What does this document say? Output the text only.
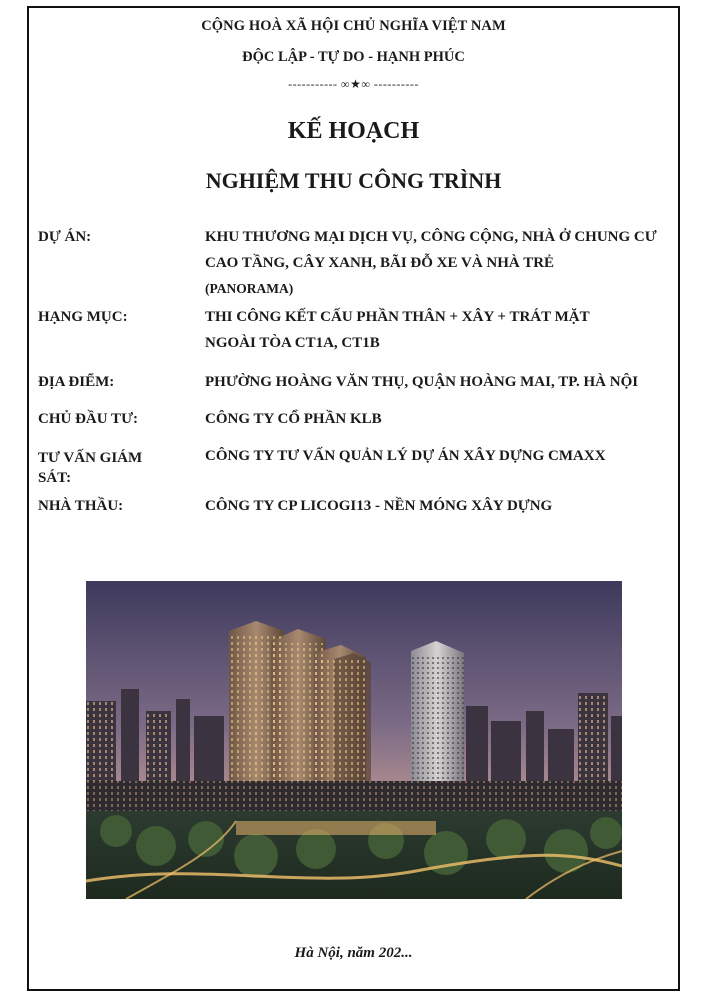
CỘNG HOÀ XÃ HỘI CHỦ NGHĨA VIỆT NAM
ĐỘC LẬP - TỰ DO - HẠNH PHÚC
----------- ∞★∞ ----------
KẾ HOẠCH
NGHIỆM THU CÔNG TRÌNH
DỰ ÁN:	KHU THƯƠNG MẠI DỊCH VỤ, CÔNG CỘNG, NHÀ Ở CHUNG CƯ
CAO TẦNG, CÂY XANH, BÃI ĐỖ XE VÀ NHÀ TRẺ
(PANORAMA)
HẠNG MỤC:	THI CÔNG KẾT CẤU PHẦN THÂN + XÂY + TRÁT MẶT
NGOÀI TÒA CT1A, CT1B
ĐỊA ĐIỂM:	PHƯỜNG HOÀNG VĂN THỤ, QUẬN HOÀNG MAI, TP. HÀ NỘI
CHỦ ĐẦU TƯ:	CÔNG TY CỔ PHẦN KLB
TƯ VẤN GIÁM
SÁT:
CÔNG TY TƯ VẤN QUẢN LÝ DỰ ÁN XÂY DỰNG CMAXX
NHÀ THẦU:	CÔNG TY CP LICOGI13 - NỀN MÓNG XÂY DỰNG
Hà Nội, năm 202...
